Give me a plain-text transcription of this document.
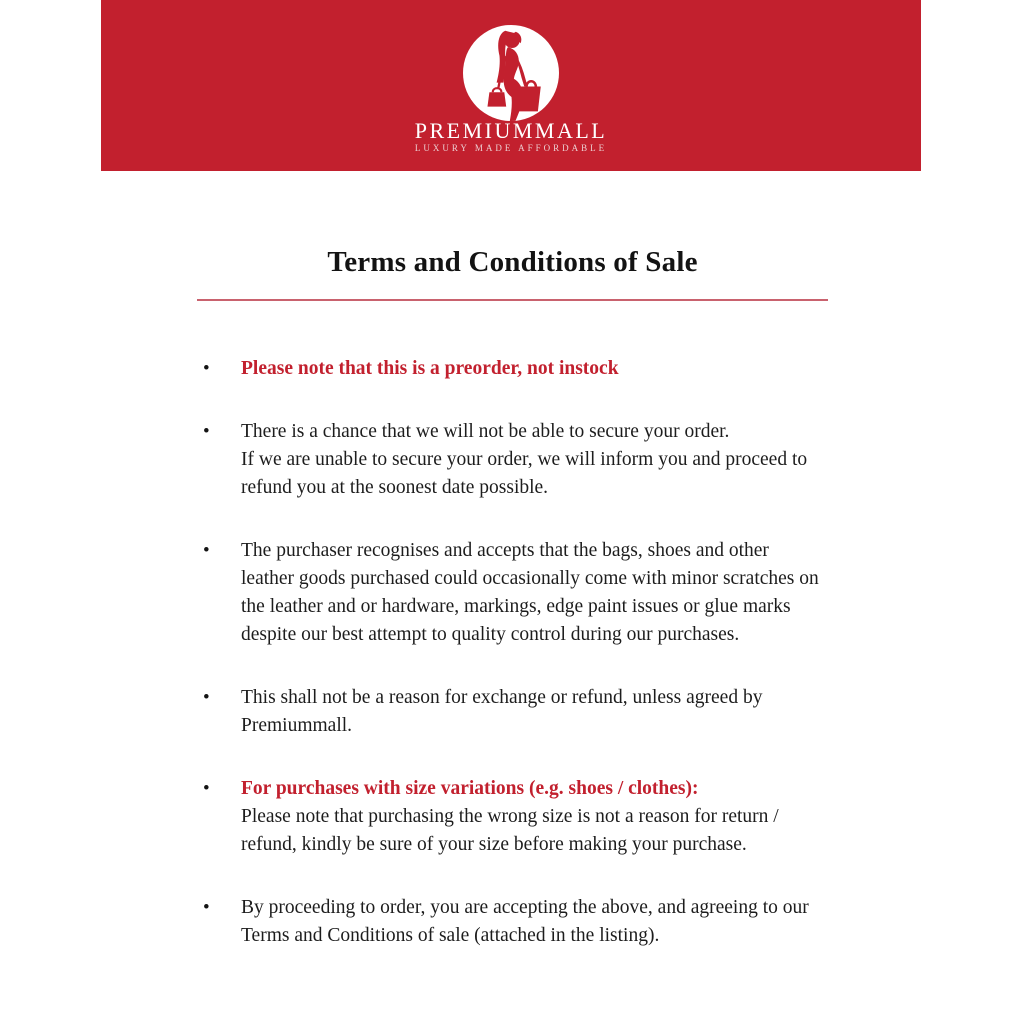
PREMIUMMALL
LUXURY MADE AFFORDABLE
Terms and Conditions of Sale
•	Please note that this is a preorder, not instock
•	There is a chance that we will not be able to secure your order.
If we are unable to secure your order, we will inform you and proceed to
refund you at the soonest date possible.
•	The purchaser recognises and accepts that the bags, shoes and other
leather goods purchased could occasionally come with minor scratches on
the leather and or hardware, markings, edge paint issues or glue marks
despite our best attempt to quality control during our purchases.
•	This shall not be a reason for exchange or refund, unless agreed by
Premiummall.
•	For purchases with size variations (e.g. shoes / clothes):
Please note that purchasing the wrong size is not a reason for return /
refund, kindly be sure of your size before making your purchase.
•	By proceeding to order, you are accepting the above, and agreeing to our
Terms and Conditions of sale (attached in the listing).
